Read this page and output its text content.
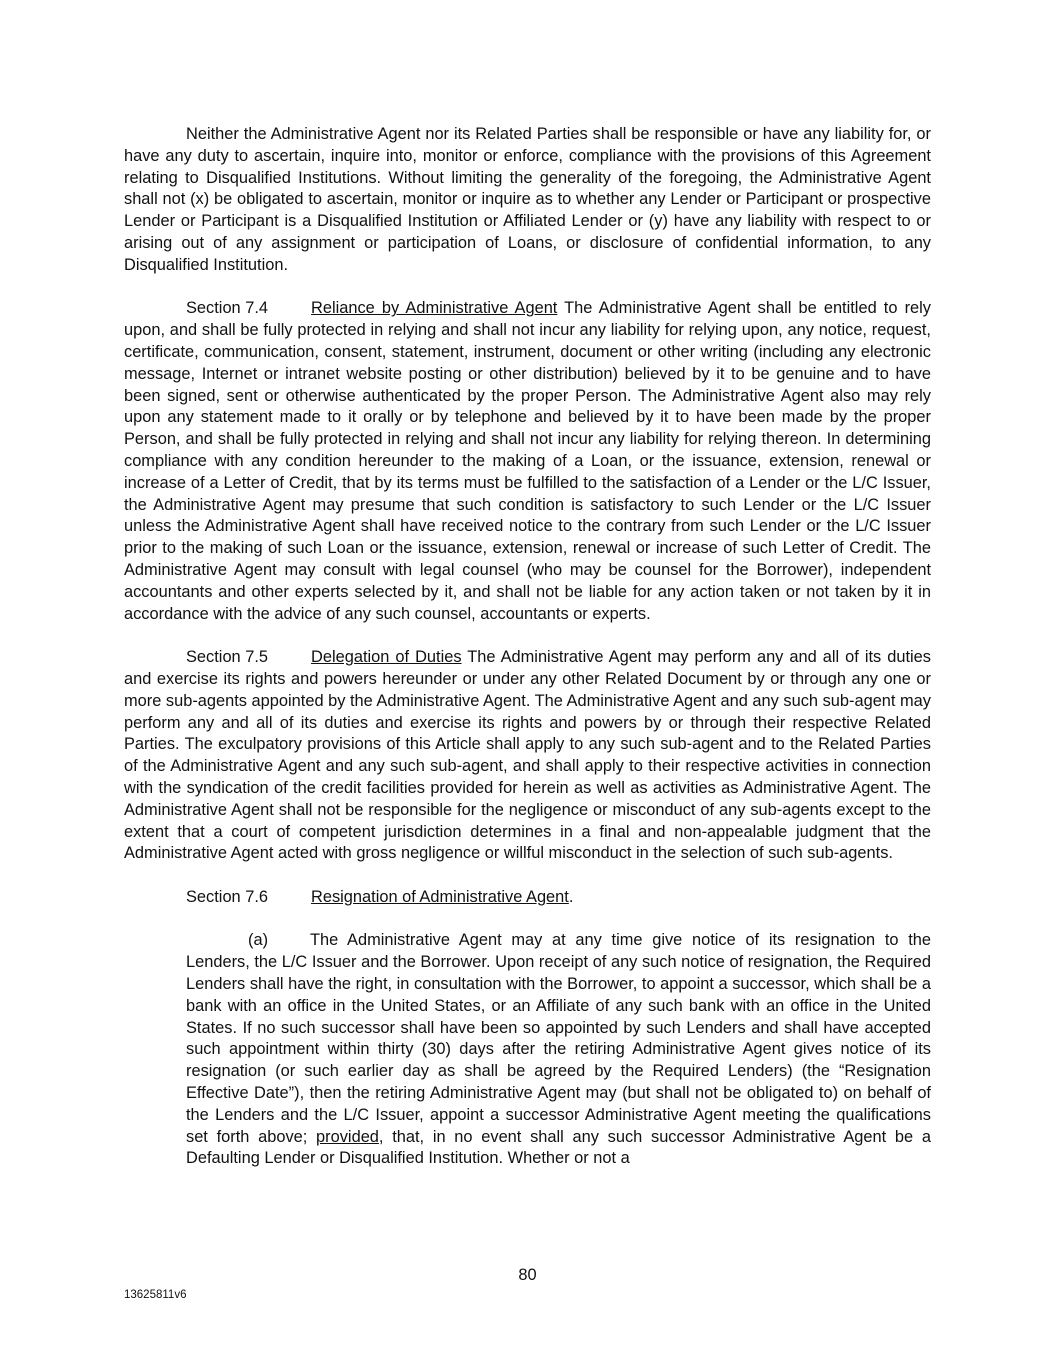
Neither the Administrative Agent nor its Related Parties shall be responsible or have any liability for, or have any duty to ascertain, inquire into, monitor or enforce, compliance with the provisions of this Agreement relating to Disqualified Institutions. Without limiting the generality of the foregoing, the Administrative Agent shall not (x) be obligated to ascertain, monitor or inquire as to whether any Lender or Participant or prospective Lender or Participant is a Disqualified Institution or Affiliated Lender or (y) have any liability with respect to or arising out of any assignment or participation of Loans, or disclosure of confidential information, to any Disqualified Institution.

Section 7.4	Reliance by Administrative Agent The Administrative Agent shall be entitled to rely upon, and shall be fully protected in relying and shall not incur any liability for relying upon, any notice, request, certificate, communication, consent, statement, instrument, document or other writing (including any electronic message, Internet or intranet website posting or other distribution) believed by it to be genuine and to have been signed, sent or otherwise authenticated by the proper Person. The Administrative Agent also may rely upon any statement made to it orally or by telephone and believed by it to have been made by the proper Person, and shall be fully protected in relying and shall not incur any liability for relying thereon. In determining compliance with any condition hereunder to the making of a Loan, or the issuance, extension, renewal or increase of a Letter of Credit, that by its terms must be fulfilled to the satisfaction of a Lender or the L/C Issuer, the Administrative Agent may presume that such condition is satisfactory to such Lender or the L/C Issuer unless the Administrative Agent shall have received notice to the contrary from such Lender or the L/C Issuer prior to the making of such Loan or the issuance, extension, renewal or increase of such Letter of Credit. The Administrative Agent may consult with legal counsel (who may be counsel for the Borrower), independent accountants and other experts selected by it, and shall not be liable for any action taken or not taken by it in accordance with the advice of any such counsel, accountants or experts.

Section 7.5	Delegation of Duties The Administrative Agent may perform any and all of its duties and exercise its rights and powers hereunder or under any other Related Document by or through any one or more sub-agents appointed by the Administrative Agent. The Administrative Agent and any such sub-agent may perform any and all of its duties and exercise its rights and powers by or through their respective Related Parties. The exculpatory provisions of this Article shall apply to any such sub-agent and to the Related Parties of the Administrative Agent and any such sub-agent, and shall apply to their respective activities in connection with the syndication of the credit facilities provided for herein as well as activities as Administrative Agent. The Administrative Agent shall not be responsible for the negligence or misconduct of any sub-agents except to the extent that a court of competent jurisdiction determines in a final and non-appealable judgment that the Administrative Agent acted with gross negligence or willful misconduct in the selection of such sub-agents.

Section 7.6	Resignation of Administrative Agent.

(a)	The Administrative Agent may at any time give notice of its resignation to the Lenders, the L/C Issuer and the Borrower. Upon receipt of any such notice of resignation, the Required Lenders shall have the right, in consultation with the Borrower, to appoint a successor, which shall be a bank with an office in the United States, or an Affiliate of any such bank with an office in the United States. If no such successor shall have been so appointed by such Lenders and shall have accepted such appointment within thirty (30) days after the retiring Administrative Agent gives notice of its resignation (or such earlier day as shall be agreed by the Required Lenders) (the “Resignation Effective Date”), then the retiring Administrative Agent may (but shall not be obligated to) on behalf of the Lenders and the L/C Issuer, appoint a successor Administrative Agent meeting the qualifications set forth above; provided, that, in no event shall any such successor Administrative Agent be a Defaulting Lender or Disqualified Institution. Whether or not a

80
13625811v6
